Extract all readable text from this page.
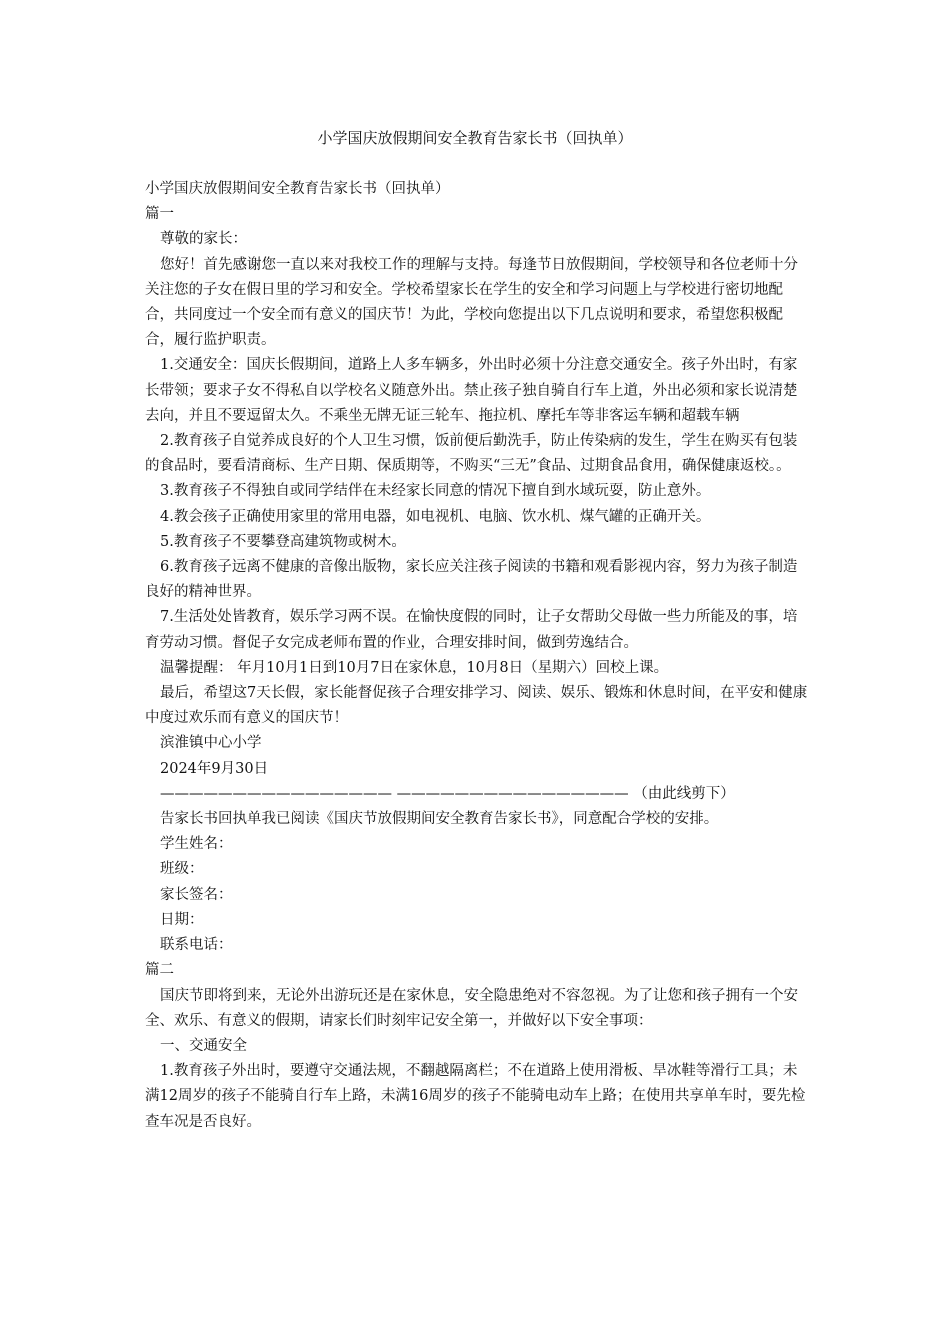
小学国庆放假期间安全教育告家长书（回执单）

小学国庆放假期间安全教育告家长书（回执单）

篇一

尊敬的家长：

您好！首先感谢您一直以来对我校工作的理解与支持。每逢节日放假期间，学校领导和各位老师十分关注您的子女在假日里的学习和安全。学校希望家长在学生的安全和学习问题上与学校进行密切地配合，共同度过一个安全而有意义的国庆节！为此，学校向您提出以下几点说明和要求，希望您积极配合，履行监护职责。

1.交通安全：国庆长假期间，道路上人多车辆多，外出时必须十分注意交通安全。孩子外出时，有家长带领；要求子女不得私自以学校名义随意外出。禁止孩子独自骑自行车上道，外出必须和家长说清楚去向，并且不要逗留太久。不乘坐无牌无证三轮车、拖拉机、摩托车等非客运车辆和超载车辆

2.教育孩子自觉养成良好的个人卫生习惯，饭前便后勤洗手，防止传染病的发生，学生在购买有包装的食品时，要看清商标、生产日期、保质期等，不购买“三无”食品、过期食品食用，确保健康返校。。

3.教育孩子不得独自或同学结伴在未经家长同意的情况下擅自到水域玩耍，防止意外。

4.教会孩子正确使用家里的常用电器，如电视机、电脑、饮水机、煤气罐的正确开关。

5.教育孩子不要攀登高建筑物或树木。

6.教育孩子远离不健康的音像出版物，家长应关注孩子阅读的书籍和观看影视内容，努力为孩子制造良好的精神世界。

7.生活处处皆教育，娱乐学习两不误。在愉快度假的同时，让子女帮助父母做一些力所能及的事，培育劳动习惯。督促子女完成老师布置的作业，合理安排时间，做到劳逸结合。

温馨提醒： 年月10月1日到10月7日在家休息，10月8日（星期六）回校上课。

最后，希望这7天长假，家长能督促孩子合理安排学习、阅读、娱乐、锻炼和休息时间，在平安和健康中度过欢乐而有意义的国庆节！

滨淮镇中心小学

2024年9月30日

———————————————— ———————————————— （由此线剪下）

告家长书回执单我已阅读《国庆节放假期间安全教育告家长书》，同意配合学校的安排。

学生姓名：

班级：

家长签名：

日期：

联系电话：

篇二

国庆节即将到来，无论外出游玩还是在家休息，安全隐患绝对不容忽视。为了让您和孩子拥有一个安全、欢乐、有意义的假期，请家长们时刻牢记安全第一，并做好以下安全事项：

一、交通安全

1.教育孩子外出时，要遵守交通法规，不翻越隔离栏；不在道路上使用滑板、旱冰鞋等滑行工具；未满12周岁的孩子不能骑自行车上路，未满16周岁的孩子不能骑电动车上路；在使用共享单车时，要先检查车况是否良好。
